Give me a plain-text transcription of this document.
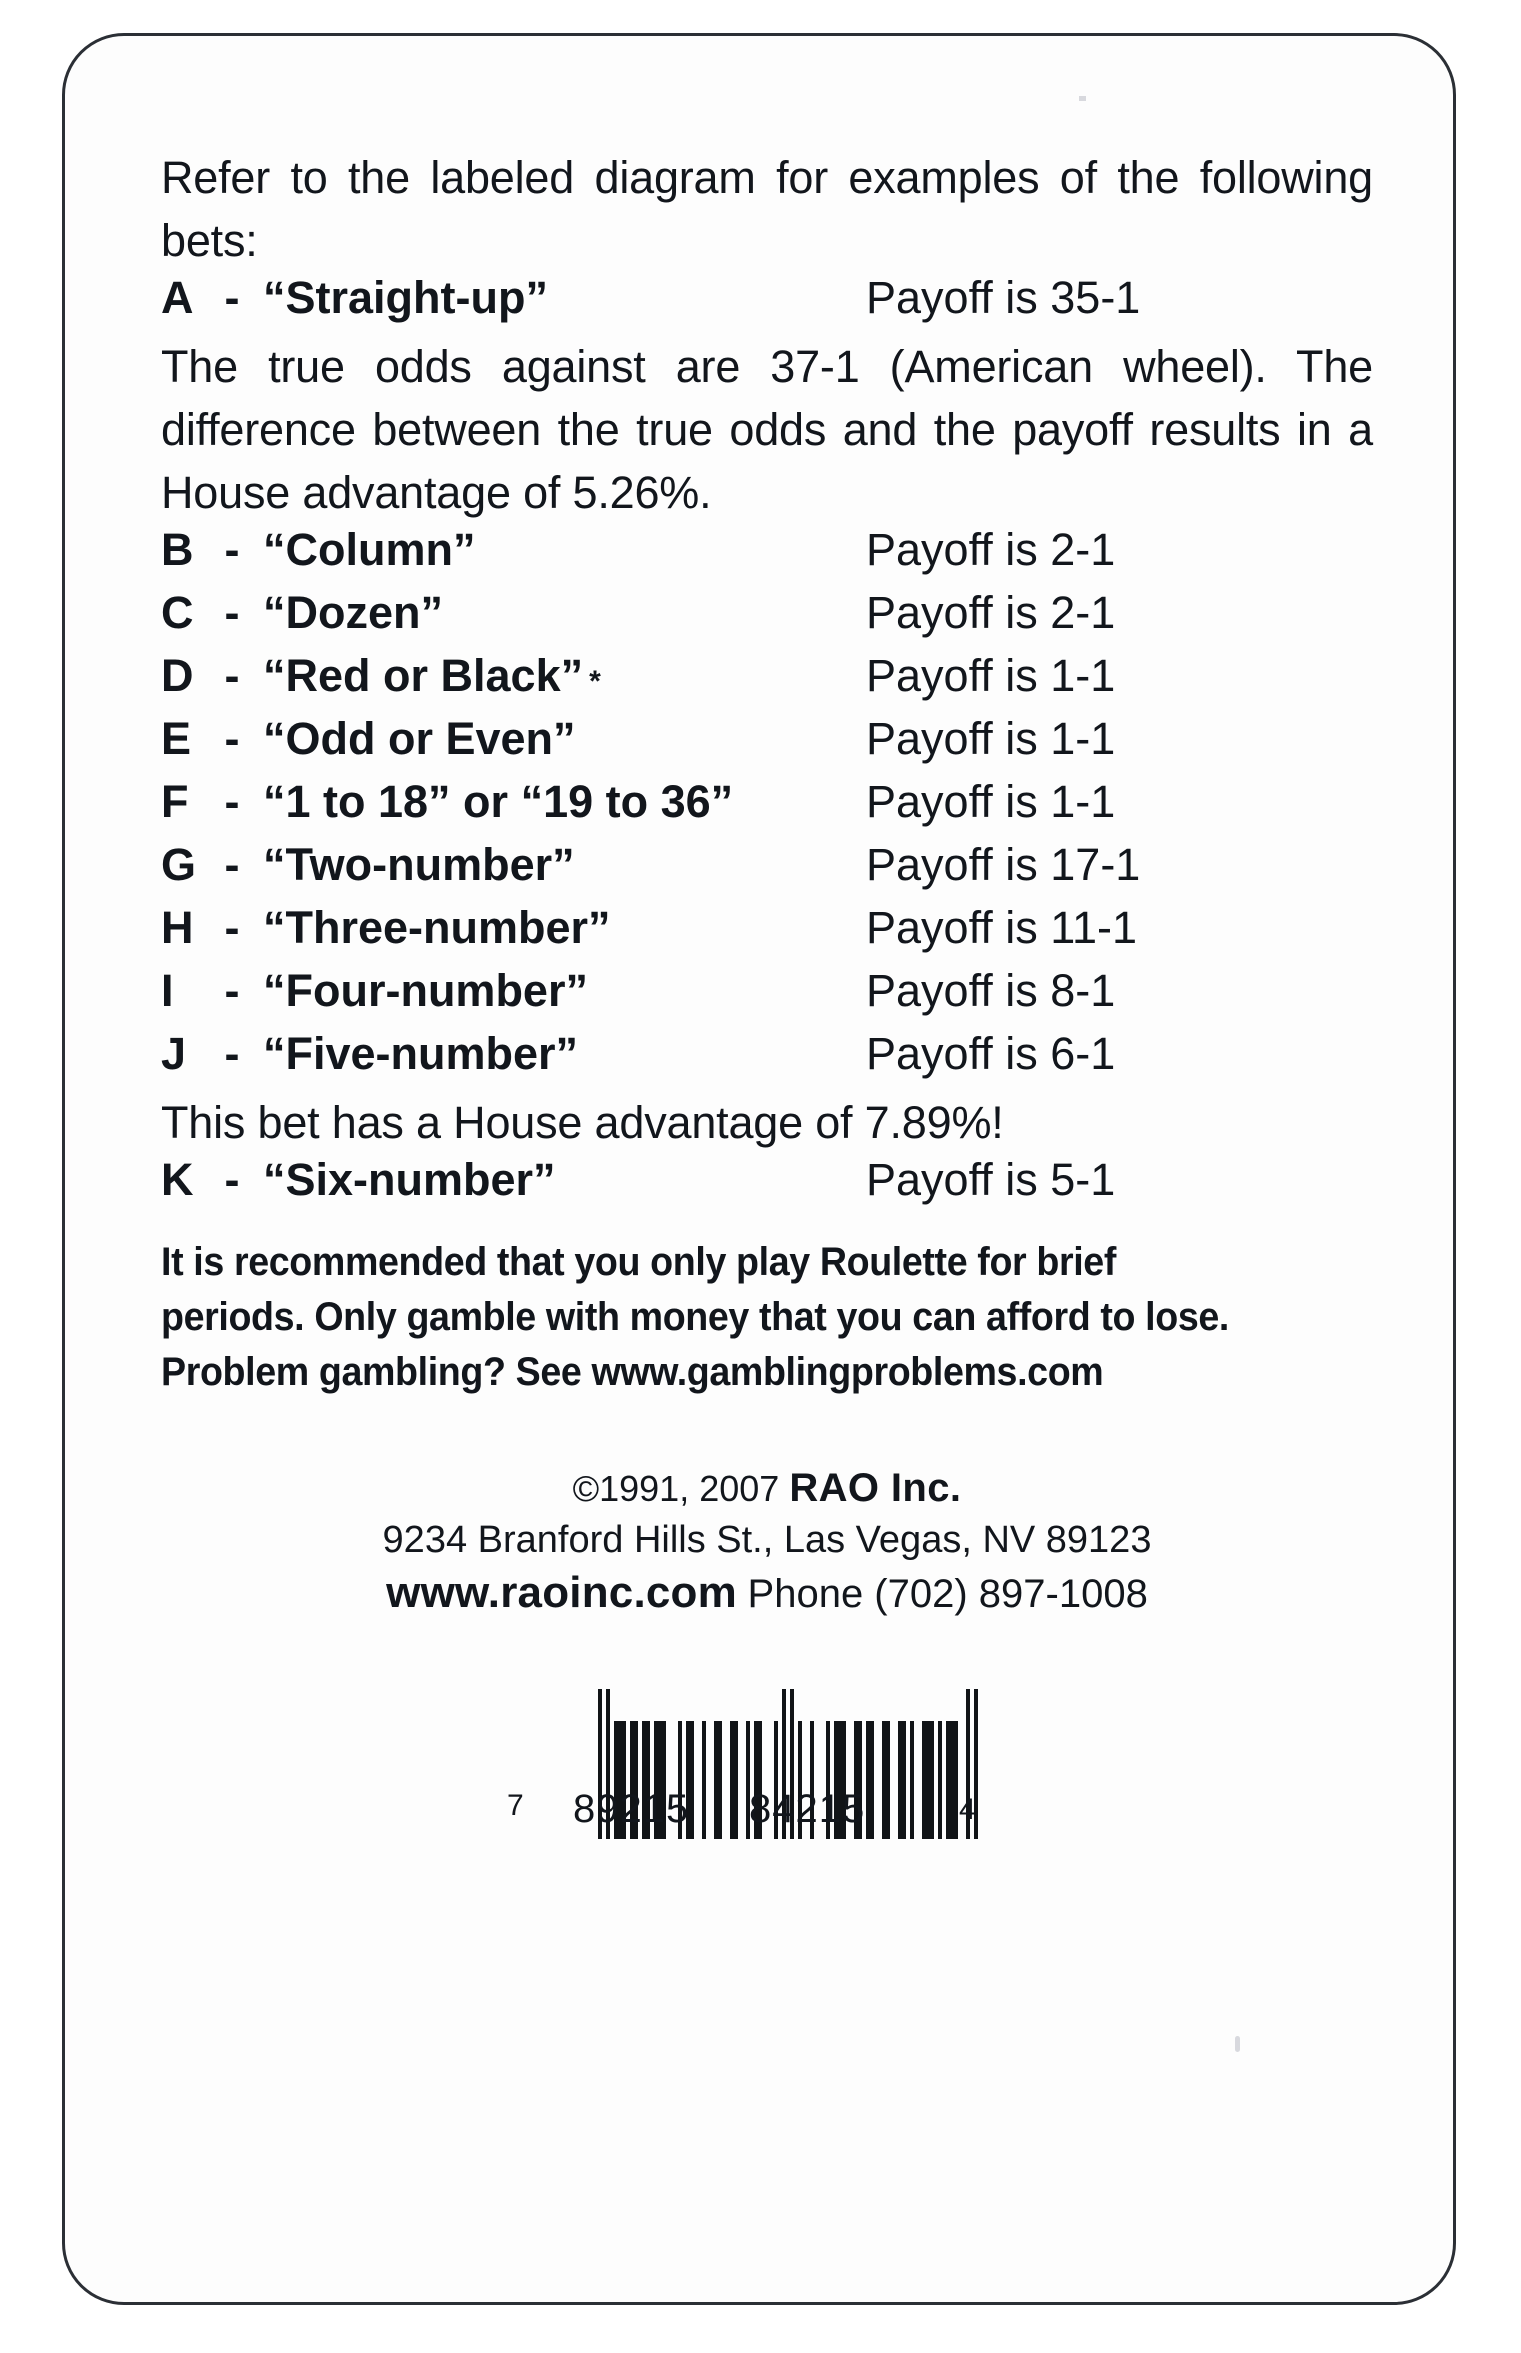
Refer to the labeled diagram for examples of the following bets:

A - “Straight-up”	Payoff is 35-1

The true odds against are 37-1 (American wheel). The difference between the true odds and the payoff results in a House advantage of 5.26%.

B - “Column”	Payoff is 2-1
C - “Dozen”	Payoff is 2-1
D - “Red or Black” *	Payoff is 1-1
E - “Odd or Even”	Payoff is 1-1
F - “1 to 18” or “19 to 36”	Payoff is 1-1
G - “Two-number”	Payoff is 17-1
H - “Three-number”	Payoff is 11-1
I	- “Four-number”	Payoff is 8-1
J - “Five-number”	Payoff is 6-1

This bet has a House advantage of 7.89%!

K - “Six-number”	Payoff is 5-1

It is recommended that you only play Roulette for brief

periods. Only gamble with money that you can afford to lose.

Problem gambling? See www.gamblingproblems.com

©1991, 2007 RAO Inc.
9234 Branford Hills St., Las Vegas, NV 89123
www.raoinc.com Phone (702) 897-1008
7 89215 84215	4
